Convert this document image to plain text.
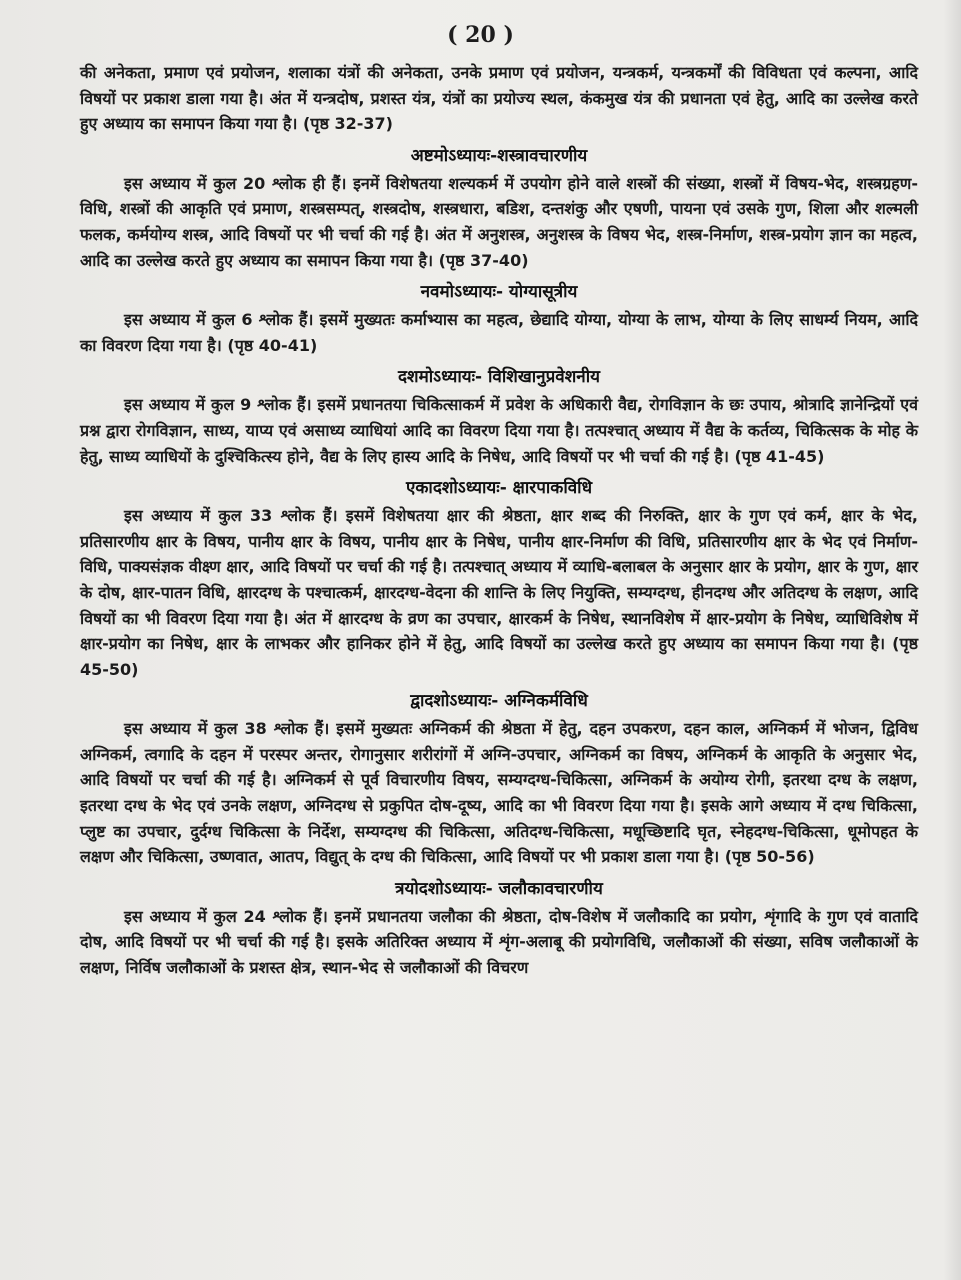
( 20 )

की अनेकता, प्रमाण एवं प्रयोजन, शलाका यंत्रों की अनेकता, उनके प्रमाण एवं प्रयोजन, यन्त्रकर्म, यन्त्रकर्मों की विविधता एवं कल्पना, आदि विषयों पर प्रकाश डाला गया है। अंत में यन्त्रदोष, प्रशस्त यंत्र, यंत्रों का प्रयोज्य स्थल, कंकमुख यंत्र की प्रधानता एवं हेतु, आदि का उल्लेख करते हुए अध्याय का समापन किया गया है। (पृष्ठ 32-37)

अष्टमोऽध्यायः-शस्त्रावचारणीय

इस अध्याय में कुल 20 श्लोक ही हैं। इनमें विशेषतया शल्यकर्म में उपयोग होने वाले शस्त्रों की संख्या, शस्त्रों में विषय-भेद, शस्त्रग्रहण-विधि, शस्त्रों की आकृति एवं प्रमाण, शस्त्रसम्पत्, शस्त्रदोष, शस्त्रधारा, बडिश, दन्तशंकु और एषणी, पायना एवं उसके गुण, शिला और शल्मली फलक, कर्मयोग्य शस्त्र, आदि विषयों पर भी चर्चा की गई है। अंत में अनुशस्त्र, अनुशस्त्र के विषय भेद, शस्त्र-निर्माण, शस्त्र-प्रयोग ज्ञान का महत्व, आदि का उल्लेख करते हुए अध्याय का समापन किया गया है। (पृष्ठ 37-40)

नवमोऽध्यायः- योग्यासूत्रीय

इस अध्याय में कुल 6 श्लोक हैं। इसमें मुख्यतः कर्माभ्यास का महत्व, छेद्यादि योग्या, योग्या के लाभ, योग्या के लिए साधर्म्य नियम, आदि का विवरण दिया गया है। (पृष्ठ 40-41)

दशमोऽध्यायः- विशिखानुप्रवेशनीय

इस अध्याय में कुल 9 श्लोक हैं। इसमें प्रधानतया चिकित्साकर्म में प्रवेश के अधिकारी वैद्य, रोगविज्ञान के छः उपाय, श्रोत्रादि ज्ञानेन्द्रियों एवं प्रश्न द्वारा रोगविज्ञान, साध्य, याप्य एवं असाध्य व्याधियां आदि का विवरण दिया गया है। तत्पश्चात् अध्याय में वैद्य के कर्तव्य, चिकित्सक के मोह के हेतु, साध्य व्याधियों के दुश्चिकित्स्य होने, वैद्य के लिए हास्य आदि के निषेध, आदि विषयों पर भी चर्चा की गई है। (पृष्ठ 41-45)

एकादशोऽध्यायः- क्षारपाकविधि

इस अध्याय में कुल 33 श्लोक हैं। इसमें विशेषतया क्षार की श्रेष्ठता, क्षार शब्द की निरुक्ति, क्षार के गुण एवं कर्म, क्षार के भेद, प्रतिसारणीय क्षार के विषय, पानीय क्षार के विषय, पानीय क्षार के निषेध, पानीय क्षार-निर्माण की विधि, प्रतिसारणीय क्षार के भेद एवं निर्माण-विधि, पाक्यसंज्ञक वीक्ष्ण क्षार, आदि विषयों पर चर्चा की गई है। तत्पश्चात् अध्याय में व्याधि-बलाबल के अनुसार क्षार के प्रयोग, क्षार के गुण, क्षार के दोष, क्षार-पातन विधि, क्षारदग्ध के पश्चात्कर्म, क्षारदग्ध-वेदना की शान्ति के लिए नियुक्ति, सम्यग्दग्ध, हीनदग्ध और अतिदग्ध के लक्षण, आदि विषयों का भी विवरण दिया गया है। अंत में क्षारदग्ध के व्रण का उपचार, क्षारकर्म के निषेध, स्थानविशेष में क्षार-प्रयोग के निषेध, व्याधिविशेष में क्षार-प्रयोग का निषेध, क्षार के लाभकर और हानिकर होने में हेतु, आदि विषयों का उल्लेख करते हुए अध्याय का समापन किया गया है। (पृष्ठ 45-50)

द्वादशोऽध्यायः- अग्निकर्मविधि

इस अध्याय में कुल 38 श्लोक हैं। इसमें मुख्यतः अग्निकर्म की श्रेष्ठता में हेतु, दहन उपकरण, दहन काल, अग्निकर्म में भोजन, द्विविध अग्निकर्म, त्वगादि के दहन में परस्पर अन्तर, रोगानुसार शरीरांगों में अग्नि-उपचार, अग्निकर्म का विषय, अग्निकर्म के आकृति के अनुसार भेद, आदि विषयों पर चर्चा की गई है। अग्निकर्म से पूर्व विचारणीय विषय, सम्यग्दग्ध-चिकित्सा, अग्निकर्म के अयोग्य रोगी, इतरथा दग्ध के लक्षण, इतरथा दग्ध के भेद एवं उनके लक्षण, अग्निदग्ध से प्रकुपित दोष-दूष्य, आदि का भी विवरण दिया गया है। इसके आगे अध्याय में दग्ध चिकित्सा, प्लुष्ट का उपचार, दुर्दग्ध चिकित्सा के निर्देश, सम्यग्दग्ध की चिकित्सा, अतिदग्ध-चिकित्सा, मधूच्छिष्टादि घृत, स्नेहदग्ध-चिकित्सा, धूमोपहत के लक्षण और चिकित्सा, उष्णवात, आतप, विद्युत् के दग्ध की चिकित्सा, आदि विषयों पर भी प्रकाश डाला गया है। (पृष्ठ 50-56)

त्रयोदशोऽध्यायः- जलौकावचारणीय

इस अध्याय में कुल 24 श्लोक हैं। इनमें प्रधानतया जलौका की श्रेष्ठता, दोष-विशेष में जलौकादि का प्रयोग, शृंगादि के गुण एवं वातादि दोष, आदि विषयों पर भी चर्चा की गई है। इसके अतिरिक्त अध्याय में शृंग-अलाबू की प्रयोगविधि, जलौकाओं की संख्या, सविष जलौकाओं के लक्षण, निर्विष जलौकाओं के प्रशस्त क्षेत्र, स्थान-भेद से जलौकाओं की विचरण
